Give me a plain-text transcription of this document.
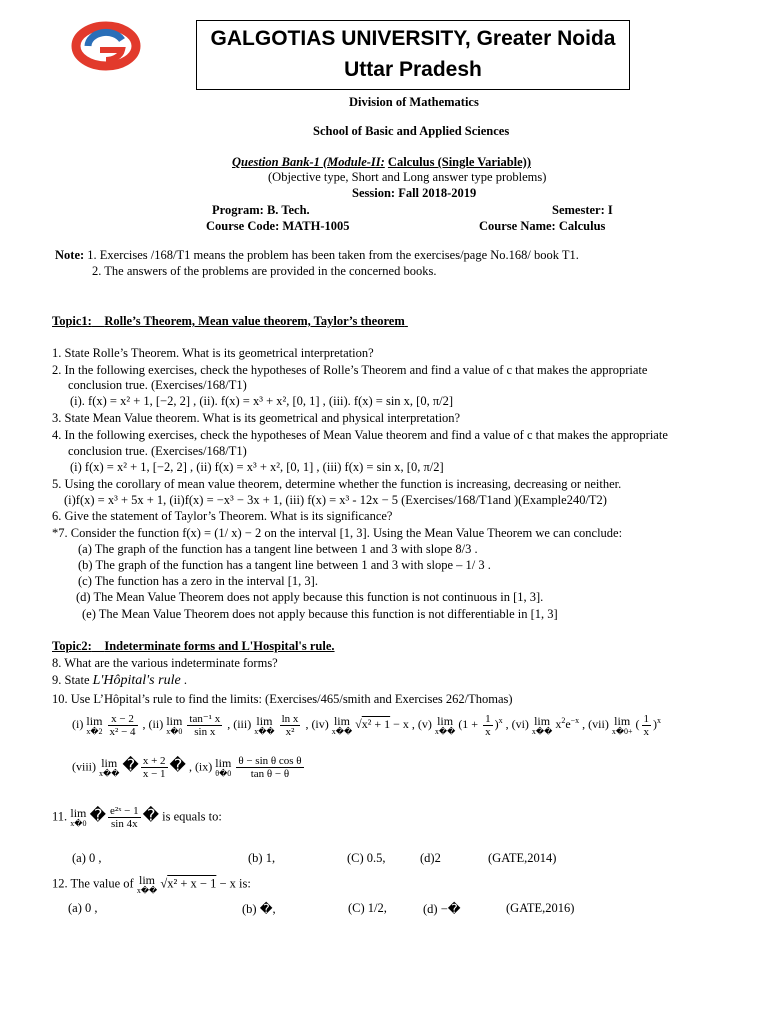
GALGOTIAS UNIVERSITY, Greater Noida
Uttar Pradesh
Division of Mathematics
School of Basic and Applied Sciences
Question Bank-1 (Module-II: Calculus (Single Variable))
(Objective type, Short and Long answer type problems)
Session: Fall 2018-2019
Program: B. Tech.	Semester: I
Course Code: MATH-1005	Course Name: Calculus
Note: 1. Exercises /168/T1 means the problem has been taken from the exercises/page No.168/ book T1.
2. The answers of the problems are provided in the concerned books.
Topic1: Rolle’s Theorem, Mean value theorem, Taylor’s theorem
1. State Rolle’s Theorem. What is its geometrical interpretation?
2. In the following exercises, check the hypotheses of Rolle’s Theorem and find a value of c that makes the appropriate
conclusion true. (Exercises/168/T1)
(i). f(x) = x² + 1, [−2, 2] , (ii). f(x) = x³ + x², [0, 1] , (iii). f(x) = sin x, [0, π/2]
3. State Mean Value theorem. What is its geometrical and physical interpretation?
4. In the following exercises, check the hypotheses of Mean Value theorem and find a value of c that makes the appropriate
conclusion true. (Exercises/168/T1)
(i) f(x) = x² + 1, [−2, 2] , (ii) f(x) = x³ + x², [0, 1] , (iii) f(x) = sin x, [0, π/2]
5. Using the corollary of mean value theorem, determine whether the function is increasing, decreasing or neither.
(i)f(x) = x³ + 5x + 1, (ii)f(x) = −x³ − 3x + 1, (iii) f(x) = x³ - 12x − 5 (Exercises/168/T1and )(Example240/T2)
6. Give the statement of Taylor’s Theorem. What is its significance?
*7. Consider the function f(x) = (1/ x) − 2 on the interval [1, 3]. Using the Mean Value Theorem we can conclude:
(a) The graph of the function has a tangent line between 1 and 3 with slope 8/3 .
(b) The graph of the function has a tangent line between 1 and 3 with slope – 1/ 3 .
(c) The function has a zero in the interval [1, 3].
(d) The Mean Value Theorem does not apply because this function is not continuous in [1, 3].
(e) The Mean Value Theorem does not apply because this function is not differentiable in [1, 3]
Topic2: Indeterminate forms and L'Hospital's rule.
8. What are the various indeterminate forms?
9. State L'Hôpital's rule .
10. Use L’Hôpital’s rule to find the limits: (Exercises/465/smith and Exercises 262/Thomas)
(i) lim
x�2
$\frac{x - 2}{\text{x² − 4}}$ , (ii) lim
x�0
$\frac{\text{tan⁻¹ x}}{\text{sin x}}$ , (iii) lim
x��
$\frac{\text{ln x}}{\text{x²}}$ , (iv) lim
x��
√x² + 1 − x , (v) lim
x��
$(1 + \frac{1}{x} )^x$ , (vi) lim
x��
$x^2e^{-x}$ , (vii) lim
x�0+
( $\frac{1}{x} )^x$
(viii) lim
x�� � $\frac{x + 2}{x - 1}$ � , (ix) lim
θ�0
$\frac{\text{θ − sin θ cos θ}}{\text{tan θ − θ}}$
11. lim
x�0 � $\frac{\text{e²ˣ − 1}}{\sin 4x}$ � is equals to:
(a) 0 ,	(b) 1,	(C) 0.5,	(d)2	(GATE,2014)
12. The value of lim
x��
√x² + x − 1 − x is:
(a) 0 ,	(b) �,	(C) 1/2,	(d) −�	(GATE,2016)
